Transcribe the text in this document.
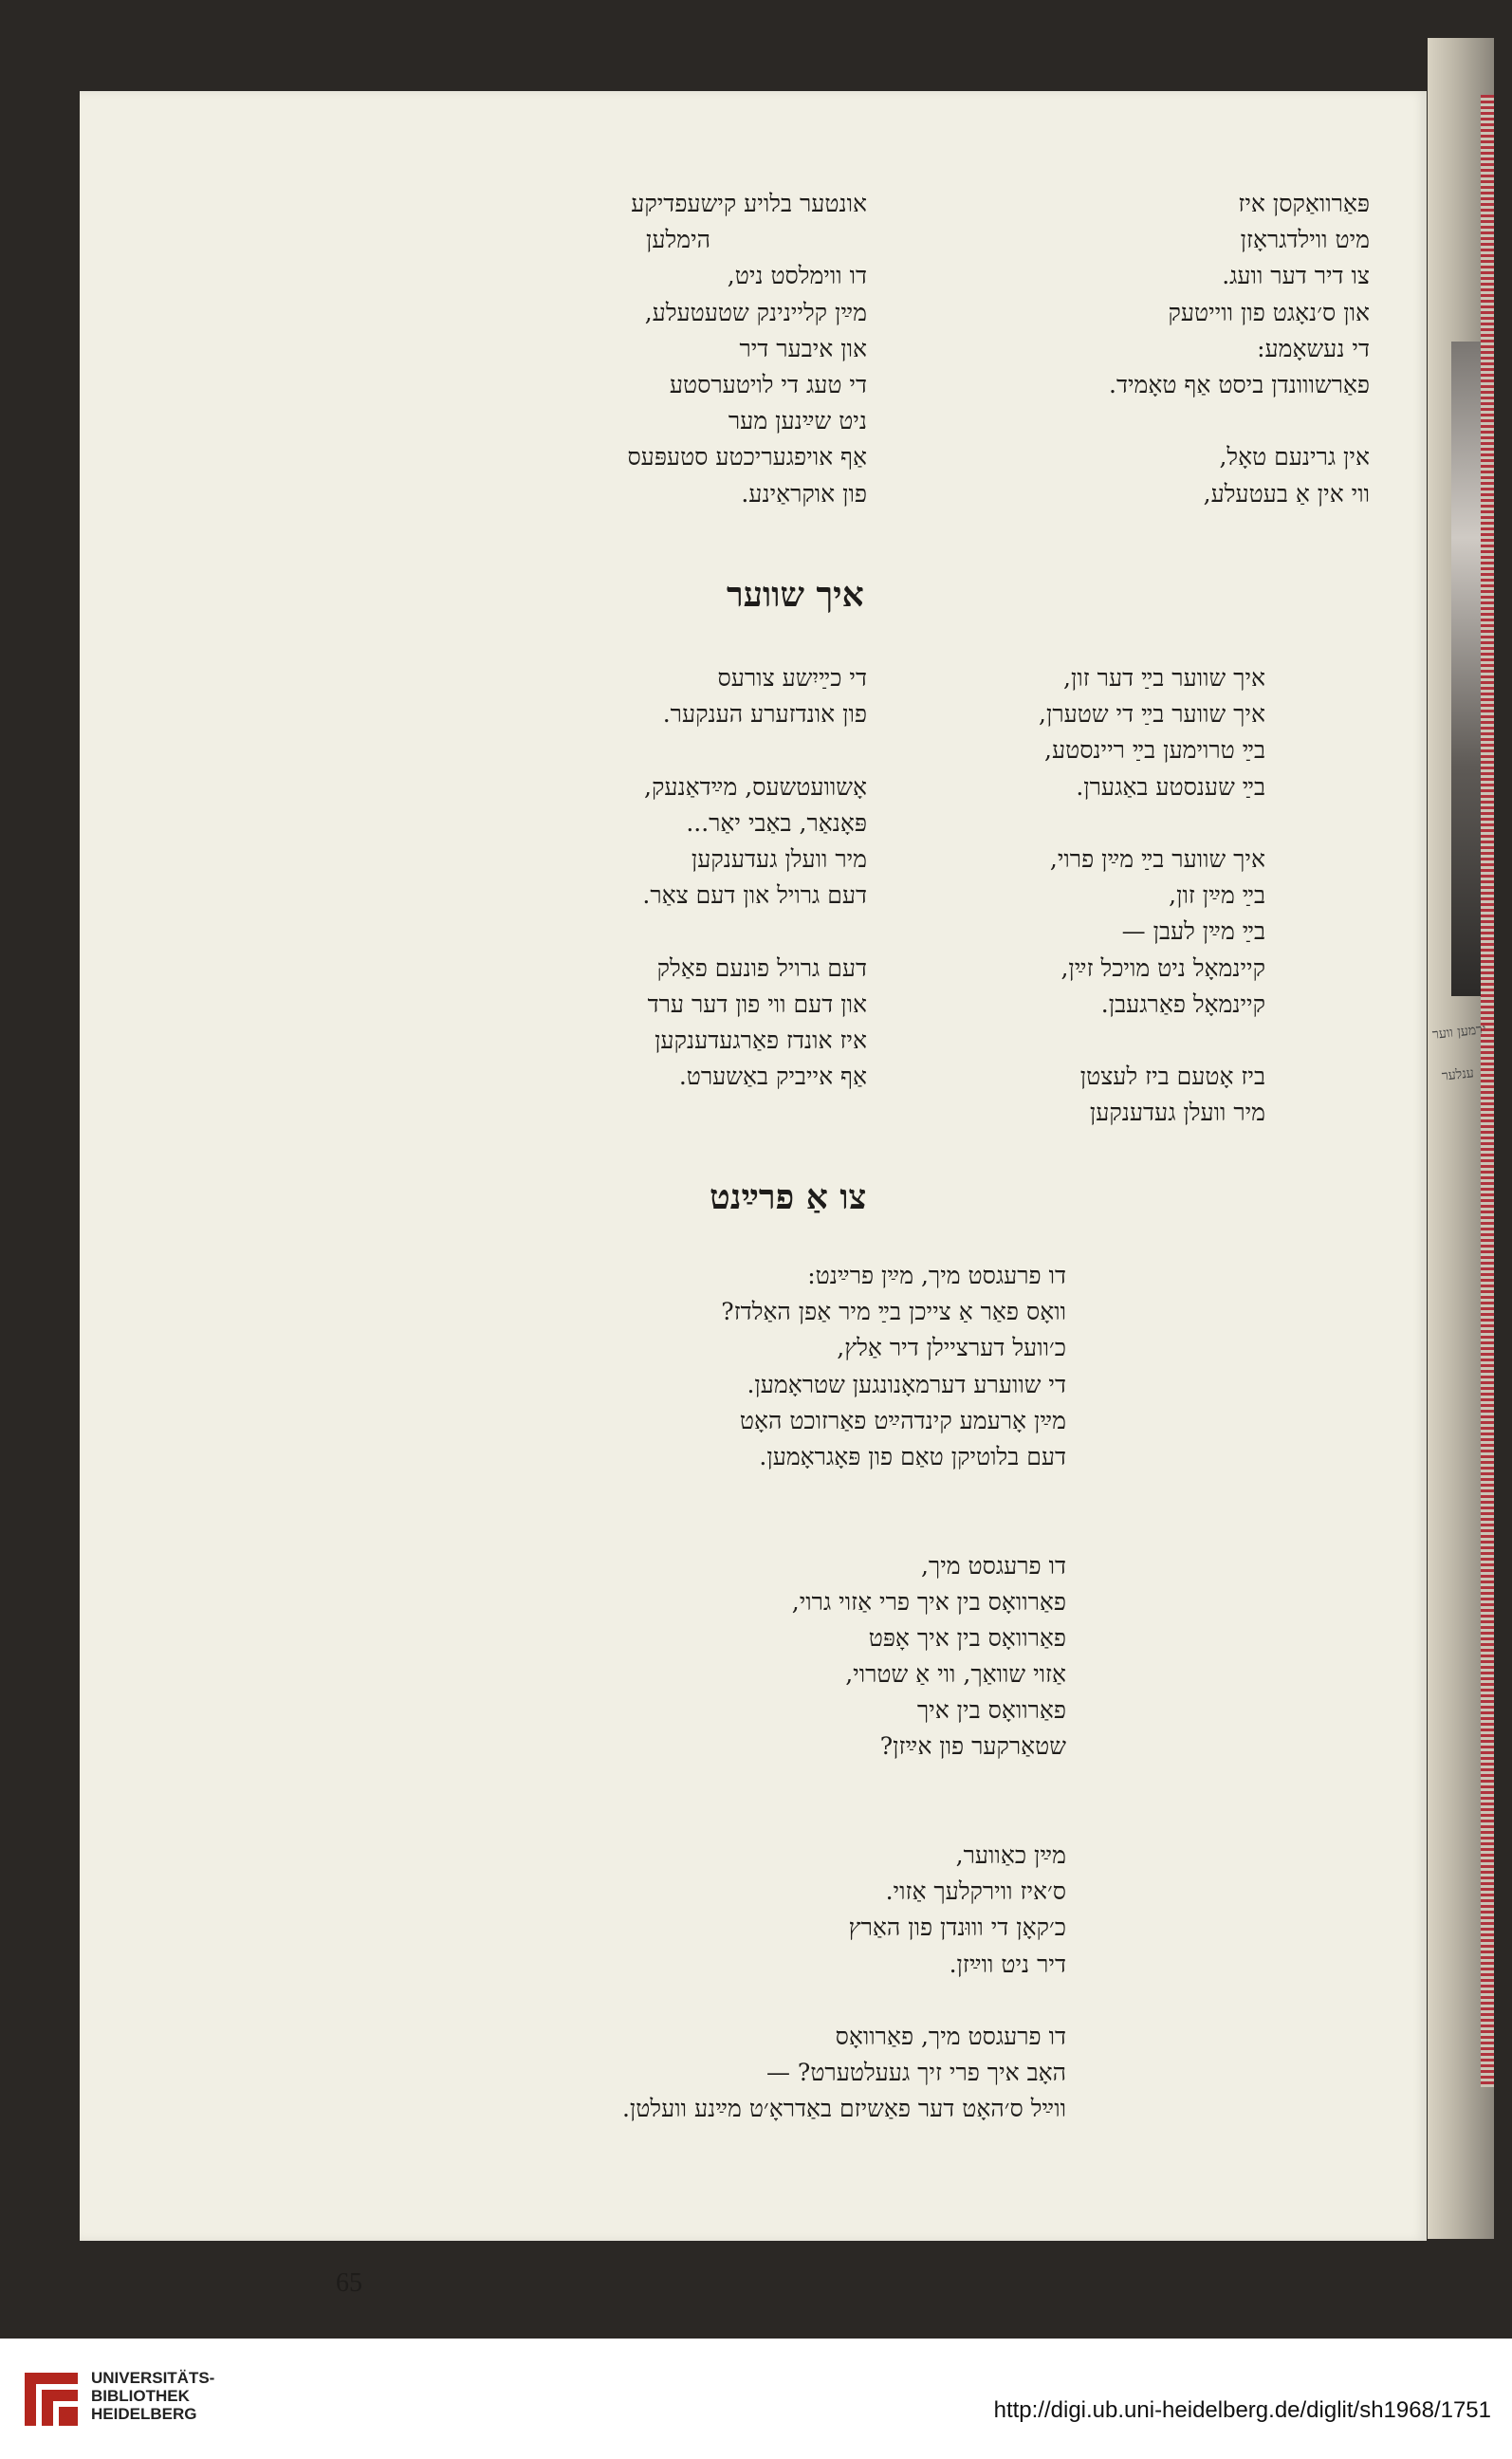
ירמען ווער
ענלער
פּאַרוואַקסן איז
מיט ווילדגראָזן
צו דיר דער וועג.
און ס׳נאָגט פון ווייטעק
די נעשאָמע:
פאַרשווונדן ביסט אַף טאָמיד.
אין גרינעם טאָל,
ווי אין אַ בעטעלע,
אונטער בלויע קישעפדיקע
הימלען
דו ווימלסט ניט,
מײַן קליינינק שטעטעלע,
און איבער דיר
די טעג די לויטערסטע
ניט שײַנען מער
אַף אויפגעריכטע סטעפּעס
פון אוקראַינע.
איך שווער
איך שווער בײַ דער זון,
איך שווער בײַ די שטערן,
בײַ טרוימען בײַ ריינסטע,
בײַ שענסטע באַגערן.
איך שווער בײַ מײַן פרוי,
בײַ מײַן זון,
בײַ מײַן לעבן —
קיינמאָל ניט מויכל זײַן,
קיינמאָל פאַרגעבן.
ביז אָטעם ביז לעצטן
מיר וועלן געדענקען
די כײַיִשע צורעס
פון אונדזערע הענקער.
אָשוועטשעס, מײַדאַנעק,
פּאָנאַר, באַבי יאַר...
מיר וועלן געדענקען
דעם גרויל און דעם צאַר.
דעם גרויל פונעם פאַלק
און דעם ווי פון דער ערד
איז אונדז פאַרגעדענקען
אַף אייביק באַשערט.
צו אַ פרײַנט
דו פרעגסט מיך, מײַן פרײַנט:
וואָס פאַר אַ צייכן בײַ מיר אַפן האַלדז?
כ׳וועל דערציילן דיר אַלץ,
די שווערע דערמאָנונגען שטראָמען.
מײַן אָרעמע קינדהײַט פאַרזוכט האָט
דעם בלוטיקן טאַם פון פּאָגראָמען.
דו פרעגסט מיך,
פאַרוואָס בין איך פרי אַזוי גרוי,
פאַרוואָס בין איך אָפּט
אַזוי שוואַך, ווי אַ שטרוי,
פאַרוואָס בין איך
שטאַרקער פון אײַזן?
מײַן כאַווער,
ס׳איז ווירקלעך אַזוי.
כ׳קאָן די וווּנדן פון האַרץ
דיר ניט ווײַזן.
דו פרעגסט מיך, פאַרוואָס
האָב איך פרי זיך געעלטערט? —
ווײַל ס׳האָט דער פאַשיזם באַדראָ׳ט מײַנע וועלטן.
65
UNIVERSITÄTS-
BIBLIOTHEK
HEIDELBERG	http://digi.ub.uni-heidelberg.de/diglit/sh1968/1751
